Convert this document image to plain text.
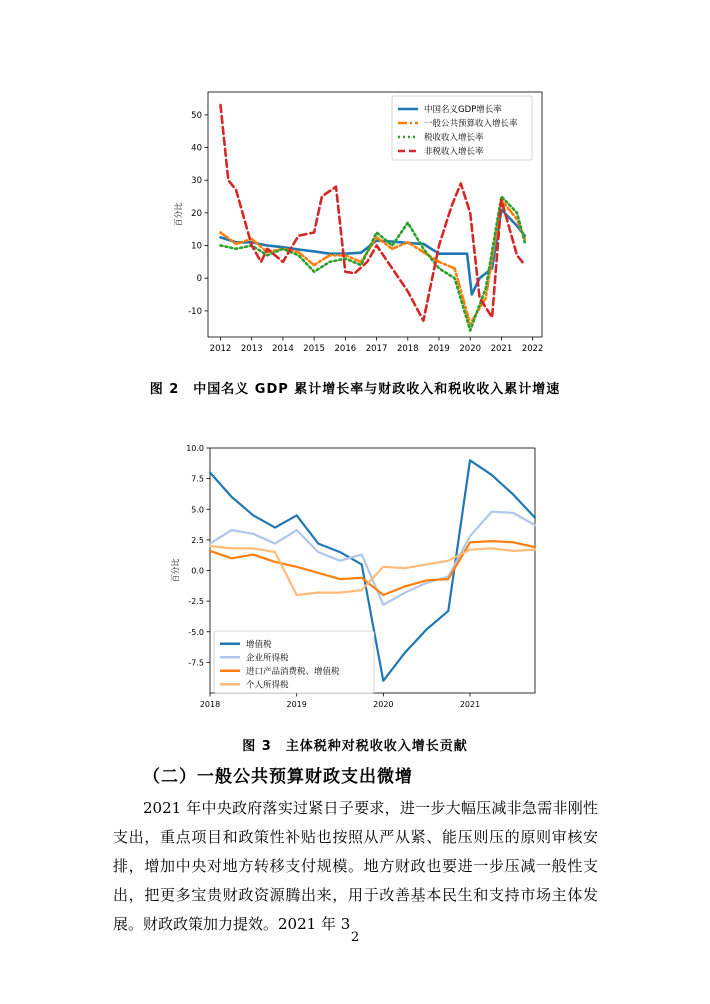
2012 2013 2014 2015 2016 2017 2018 2019 2020 2021 2022
-10
0
10
20
30
40
50
百分比
中国名义GDP增长率
一般公共预算收入增长率
税收收入增长率
非税收入增长率
图 2　中国名义 GDP 累计增长率与财政收入和税收收入累计增速
2018	2019	2020	2021
-7.5
-5.0
-2.5
0.0
2.5
5.0
7.5
10.0
百分比
增值税
企业所得税
进口产品消费税、增值税
个人所得税
图 3　主体税种对税收收入增长贡献
（二）一般公共预算财政支出微增
2021 年中央政府落实过紧日子要求，进一步大幅压减非急需非刚性支出，重点项目和政策性补贴也按照从严从紧、能压则压的原则审核安排，增加中央对地方转移支付规模。地方财政也要进一步压减一般性支出，把更多宝贵财政资源腾出来，用于改善基本民生和支持市场主体发展。财政政策加力提效。2021 年 3
2
